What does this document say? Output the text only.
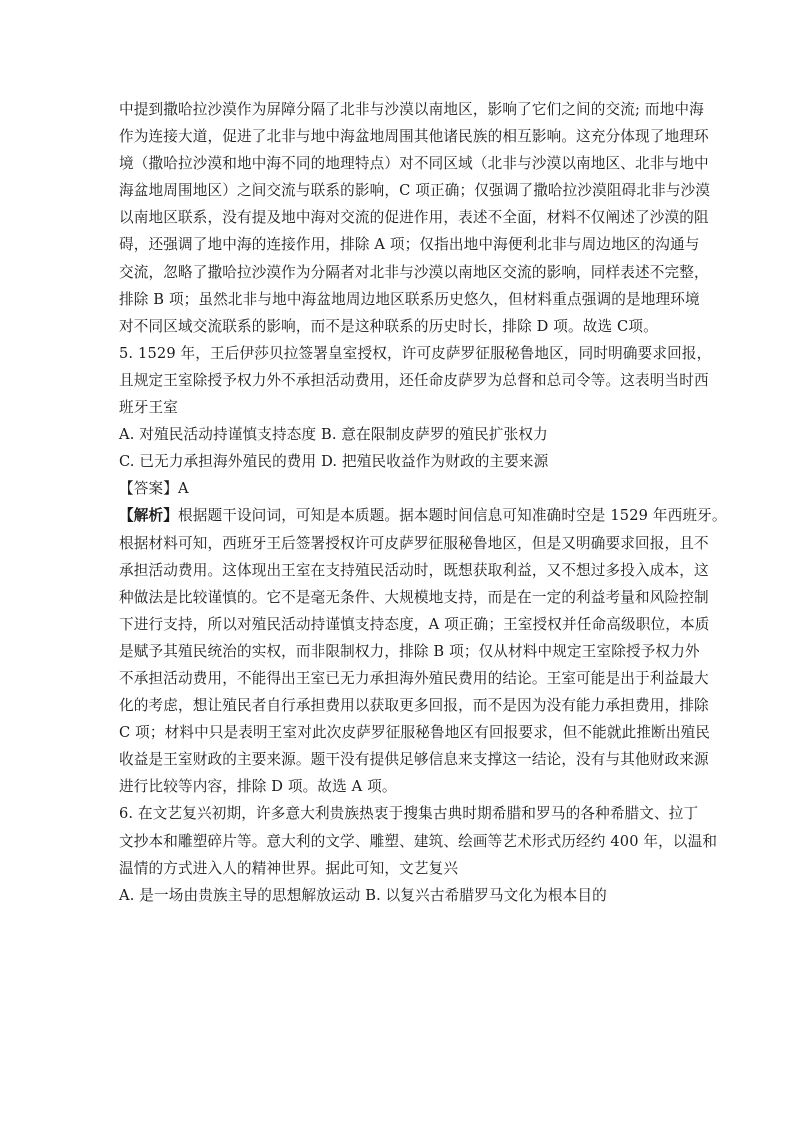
中提到撒哈拉沙漠作为屏障分隔了北非与沙漠以南地区，影响了它们之间的交流; 而地中海
作为连接大道，促进了北非与地中海盆地周围其他诸民族的相互影响。这充分体现了地理环
境（撒哈拉沙漠和地中海不同的地理特点）对不同区域（北非与沙漠以南地区、北非与地中
海盆地周围地区）之间交流与联系的影响，C 项正确；仅强调了撒哈拉沙漠阻碍北非与沙漠
以南地区联系，没有提及地中海对交流的促进作用，表述不全面，材料不仅阐述了沙漠的阻
碍，还强调了地中海的连接作用，排除 A 项；仅指出地中海便利北非与周边地区的沟通与
交流，忽略了撒哈拉沙漠作为分隔者对北非与沙漠以南地区交流的影响，同样表述不完整，
排除 B 项；虽然北非与地中海盆地周边地区联系历史悠久，但材料重点强调的是地理环境
对不同区域交流联系的影响，而不是这种联系的历史时长，排除 D 项。故选 C项。
5. 1529 年，王后伊莎贝拉签署皇室授权，许可皮萨罗征服秘鲁地区，同时明确要求回报，
且规定王室除授予权力外不承担活动费用，还任命皮萨罗为总督和总司令等。这表明当时西
班牙王室
A. 对殖民活动持谨慎支持态度 B. 意在限制皮萨罗的殖民扩张权力
C. 已无力承担海外殖民的费用 D. 把殖民收益作为财政的主要来源
【答案】A
【解析】根据题干设问词，可知是本质题。据本题时间信息可知准确时空是 1529 年西班牙。
根据材料可知，西班牙王后签署授权许可皮萨罗征服秘鲁地区，但是又明确要求回报，且不
承担活动费用。这体现出王室在支持殖民活动时，既想获取利益，又不想过多投入成本，这
种做法是比较谨慎的。它不是毫无条件、大规模地支持，而是在一定的利益考量和风险控制
下进行支持，所以对殖民活动持谨慎支持态度，A 项正确；王室授权并任命高级职位，本质
是赋予其殖民统治的实权，而非限制权力，排除 B 项；仅从材料中规定王室除授予权力外
不承担活动费用，不能得出王室已无力承担海外殖民费用的结论。王室可能是出于利益最大
化的考虑，想让殖民者自行承担费用以获取更多回报，而不是因为没有能力承担费用，排除
C 项；材料中只是表明王室对此次皮萨罗征服秘鲁地区有回报要求，但不能就此推断出殖民
收益是王室财政的主要来源。题干没有提供足够信息来支撑这一结论，没有与其他财政来源
进行比较等内容，排除 D 项。故选 A 项。
6. 在文艺复兴初期，许多意大利贵族热衷于搜集古典时期希腊和罗马的各种希腊文、拉丁
文抄本和雕塑碎片等。意大利的文学、雕塑、建筑、绘画等艺术形式历经约 400 年，以温和
温情的方式进入人的精神世界。据此可知，文艺复兴
A. 是一场由贵族主导的思想解放运动 B. 以复兴古希腊罗马文化为根本目的
